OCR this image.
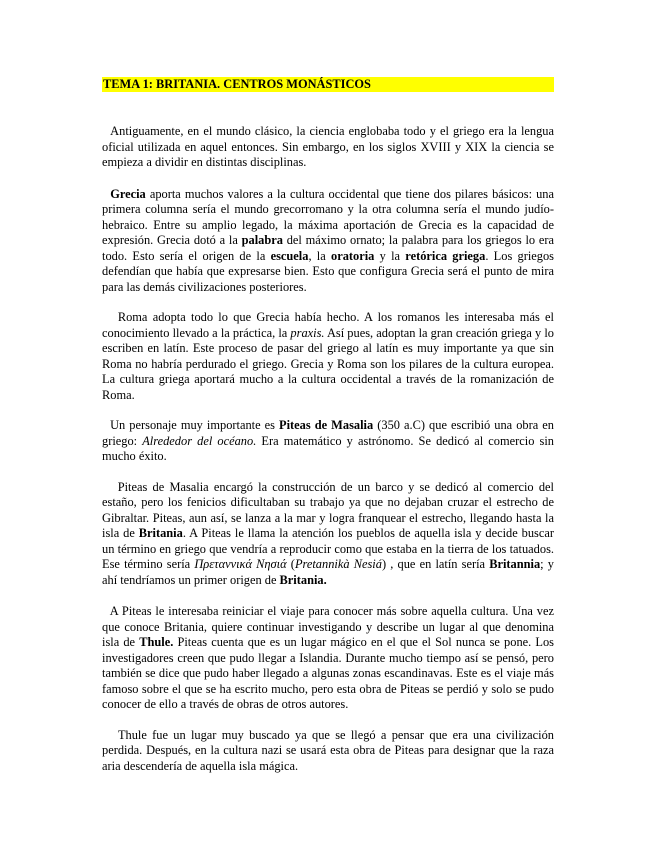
TEMA 1: BRITANIA. CENTROS MONÁSTICOS

Antiguamente, en el mundo clásico, la ciencia englobaba todo y el griego era la lengua oficial utilizada en aquel entonces. Sin embargo, en los siglos XVIII y XIX la ciencia se empieza a dividir en distintas disciplinas.

Grecia aporta muchos valores a la cultura occidental que tiene dos pilares básicos: una primera columna sería el mundo grecorromano y la otra columna sería el mundo judío-hebraico. Entre su amplio legado, la máxima aportación de Grecia es la capacidad de expresión. Grecia dotó a la palabra del máximo ornato; la palabra para los griegos lo era todo. Esto sería el origen de la escuela, la oratoria y la retórica griega. Los griegos defendían que había que expresarse bien. Esto que configura Grecia será el punto de mira para las demás civilizaciones posteriores.

Roma adopta todo lo que Grecia había hecho. A los romanos les interesaba más el conocimiento llevado a la práctica, la praxis. Así pues, adoptan la gran creación griega y lo escriben en latín. Este proceso de pasar del griego al latín es muy importante ya que sin Roma no habría perdurado el griego. Grecia y Roma son los pilares de la cultura europea. La cultura griega aportará mucho a la cultura occidental a través de la romanización de Roma.

Un personaje muy importante es Piteas de Masalia (350 a.C) que escribió una obra en griego: Alrededor del océano. Era matemático y astrónomo. Se dedicó al comercio sin mucho éxito.

Piteas de Masalia encargó la construcción de un barco y se dedicó al comercio del estaño, pero los fenicios dificultaban su trabajo ya que no dejaban cruzar el estrecho de Gibraltar. Piteas, aun así, se lanza a la mar y logra franquear el estrecho, llegando hasta la isla de Britania. A Piteas le llama la atención los pueblos de aquella isla y decide buscar un término en griego que vendría a reproducir como que estaba en la tierra de los tatuados. Ese término sería Πρεταννικά Νησιά (Pretannikà Nesiá) , que en latín sería Britannia; y ahí tendríamos un primer origen de Britania.

A Piteas le interesaba reiniciar el viaje para conocer más sobre aquella cultura. Una vez que conoce Britania, quiere continuar investigando y describe un lugar al que denomina isla de Thule. Piteas cuenta que es un lugar mágico en el que el Sol nunca se pone. Los investigadores creen que pudo llegar a Islandia. Durante mucho tiempo así se pensó, pero también se dice que pudo haber llegado a algunas zonas escandinavas. Este es el viaje más famoso sobre el que se ha escrito mucho, pero esta obra de Piteas se perdió y solo se pudo conocer de ello a través de obras de otros autores.

Thule fue un lugar muy buscado ya que se llegó a pensar que era una civilización perdida. Después, en la cultura nazi se usará esta obra de Piteas para designar que la raza aria descendería de aquella isla mágica.
